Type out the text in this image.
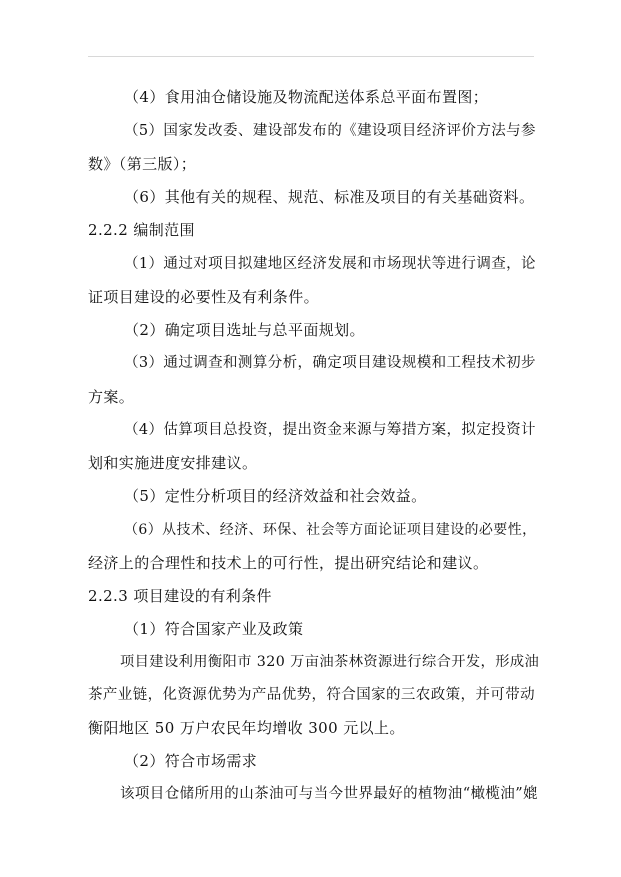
（4）食用油仓储设施及物流配送体系总平面布置图；
（5）国家发改委、建设部发布的《建设项目经济评价方法与参
数》（第三版）；
（6）其他有关的规程、规范、标准及项目的有关基础资料。
2.2.2 编制范围
（1）通过对项目拟建地区经济发展和市场现状等进行调查，论
证项目建设的必要性及有利条件。
（2）确定项目选址与总平面规划。
（3）通过调查和测算分析，确定项目建设规模和工程技术初步
方案。
（4）估算项目总投资，提出资金来源与筹措方案，拟定投资计
划和实施进度安排建议。
（5）定性分析项目的经济效益和社会效益。
（6）从技术、经济、环保、社会等方面论证项目建设的必要性，
经济上的合理性和技术上的可行性，提出研究结论和建议。
2.2.3 项目建设的有利条件
（1）符合国家产业及政策
项目建设利用衡阳市 320 万亩油茶林资源进行综合开发，形成油
茶产业链，化资源优势为产品优势，符合国家的三农政策，并可带动
衡阳地区 50 万户农民年均增收 300 元以上。
（2）符合市场需求
该项目仓储所用的山茶油可与当今世界最好的植物油“橄榄油”媲
